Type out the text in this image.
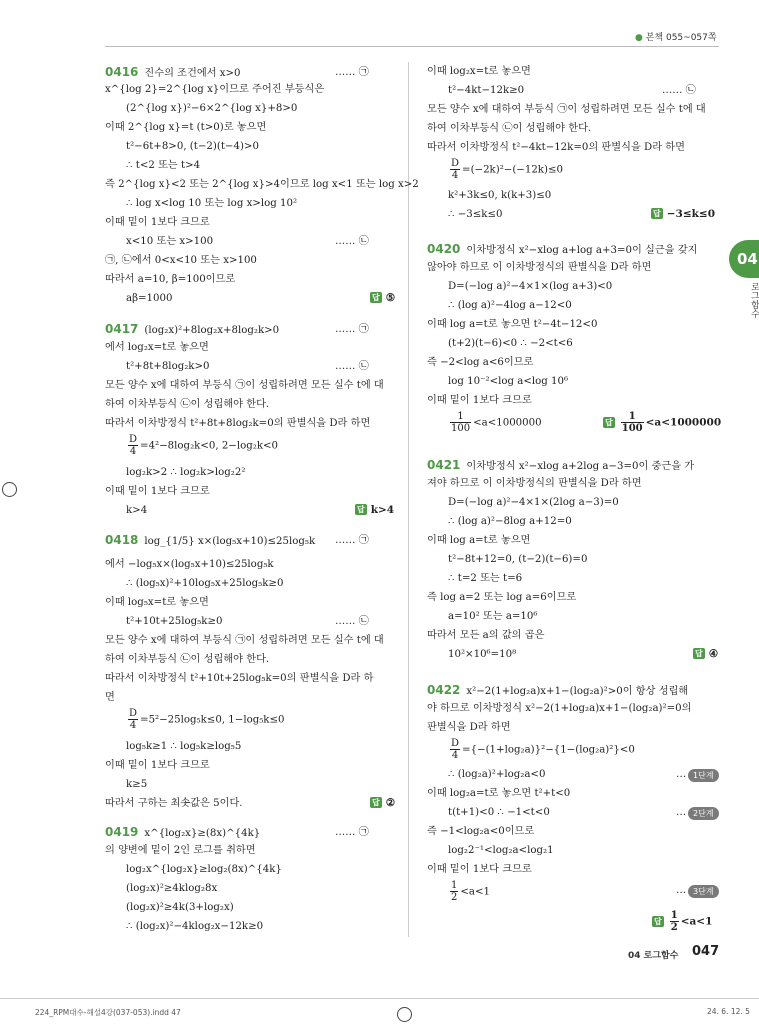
● 본책 055~057쪽
04
로그함수
0416 진수의 조건에서 x>0	…… ㉠
x^{log 2}=2^{log x}이므로 주어진 부등식은
(2^{log x})²−6×2^{log x}+8>0
이때 2^{log x}=t (t>0)로 놓으면
t²−6t+8>0, (t−2)(t−4)>0
∴ t<2 또는 t>4
즉 2^{log x}<2 또는 2^{log x}>4이므로 log x<1 또는 log x>2
∴ log x<log 10 또는 log x>log 10²
이때 밑이 1보다 크므로
x<10 또는 x>100	…… ㉡
㉠, ㉡에서 0<x<10 또는 x>100
따라서 a=10, β=100이므로
aβ=1000	답 ⑤
0417 (log₂x)²+8log₂x+8log₂k>0	…… ㉠
에서 log₂x=t로 놓으면
t²+8t+8log₂k>0	…… ㉡
모든 양수 x에 대하여 부등식 ㉠이 성립하려면 모든 실수 t에 대
하여 이차부등식 ㉡이 성립해야 한다.
따라서 이차방정식 t²+8t+8log₂k=0의 판별식을 D라 하면
$\frac{D}{4} =4^2-8\log_2k<0$, 2−log₂k<0
log₂k>2 ∴ log₂k>log₂2²
이때 밑이 1보다 크므로
k>4	답 k>4
0418 log_{1/5} x×(log₅x+10)≤25log₅k …… ㉠
에서 −log₅x×(log₅x+10)≤25log₅k
∴ (log₅x)²+10log₅x+25log₅k≥0
이때 log₅x=t로 놓으면
t²+10t+25log₅k≥0	…… ㉡
모든 양수 x에 대하여 부등식 ㉠이 성립하려면 모든 실수 t에 대
하여 이차부등식 ㉡이 성립해야 한다.
따라서 이차방정식 t²+10t+25log₅k=0의 판별식을 D라 하
면
$\frac{D}{4} =5^2-25\log_5k\le 0$, 1−log₅k≤0
log₅k≥1 ∴ log₅k≥log₅5
이때 밑이 1보다 크므로
k≥5
따라서 구하는 최솟값은 5이다.	답 ②
0419 x^{log₂x}≥(8x)^{4k}	…… ㉠
의 양변에 밑이 2인 로그를 취하면
log₂x^{log₂x}≥log₂(8x)^{4k}
(log₂x)²≥4klog₂8x
(log₂x)²≥4k(3+log₂x)
∴ (log₂x)²−4klog₂x−12k≥0
이때 log₂x=t로 놓으면
t²−4kt−12k≥0	…… ㉡
모든 양수 x에 대하여 부등식 ㉠이 성립하려면 모든 실수 t에 대
하여 이차부등식 ㉡이 성립해야 한다.
따라서 이차방정식 t²−4kt−12k=0의 판별식을 D라 하면
$\frac{D}{4} =(-2k)^2-(-12k)\le 0$
k²+3k≤0, k(k+3)≤0
∴ −3≤k≤0	답 −3≤k≤0
0420 이차방정식 x²−xlog a+log a+3=0이 실근을 갖지
않아야 하므로 이 이차방정식의 판별식을 D라 하면
D=(−log a)²−4×1×(log a+3)<0
∴ (log a)²−4log a−12<0
이때 log a=t로 놓으면 t²−4t−12<0
(t+2)(t−6)<0 ∴ −2<t<6
즉 −2<log a<6이므로
log 10⁻²<log a<log 10⁶
이때 밑이 1보다 크므로
$\frac{1}{100} <a<1000000$	답 $\frac{1}{100} <a<1000000$
0421 이차방정식 x²−xlog a+2log a−3=0이 중근을 가
져야 하므로 이 이차방정식의 판별식을 D라 하면
D=(−log a)²−4×1×(2log a−3)=0
∴ (log a)²−8log a+12=0
이때 log a=t로 놓으면
t²−8t+12=0, (t−2)(t−6)=0
∴ t=2 또는 t=6
즉 log a=2 또는 log a=6이므로
a=10² 또는 a=10⁶
따라서 모든 a의 값의 곱은
10²×10⁶=10⁸	답 ④
0422 x²−2(1+log₂a)x+1−(log₂a)²>0이 항상 성립해
야 하므로 이차방정식 x²−2(1+log₂a)x+1−(log₂a)²=0의
판별식을 D라 하면
$\frac{D}{4} =\{-(1+\log_2a)\}^2-\{1-(\log_2a)^2\}<0$
∴ (log₂a)²+log₂a<0	… 1단계
이때 log₂a=t로 놓으면 t²+t<0
t(t+1)<0 ∴ −1<t<0	… 2단계
즉 −1<log₂a<0이므로
log₂2⁻¹<log₂a<log₂1
이때 밑이 1보다 크므로
$\frac{1}{2} <a<1$	… 3단계
답 $\frac{1}{2} <a<1$
04 로그함수 047
224_RPM대수-해설4강(037-053).indd 47	24. 6. 12. 5
